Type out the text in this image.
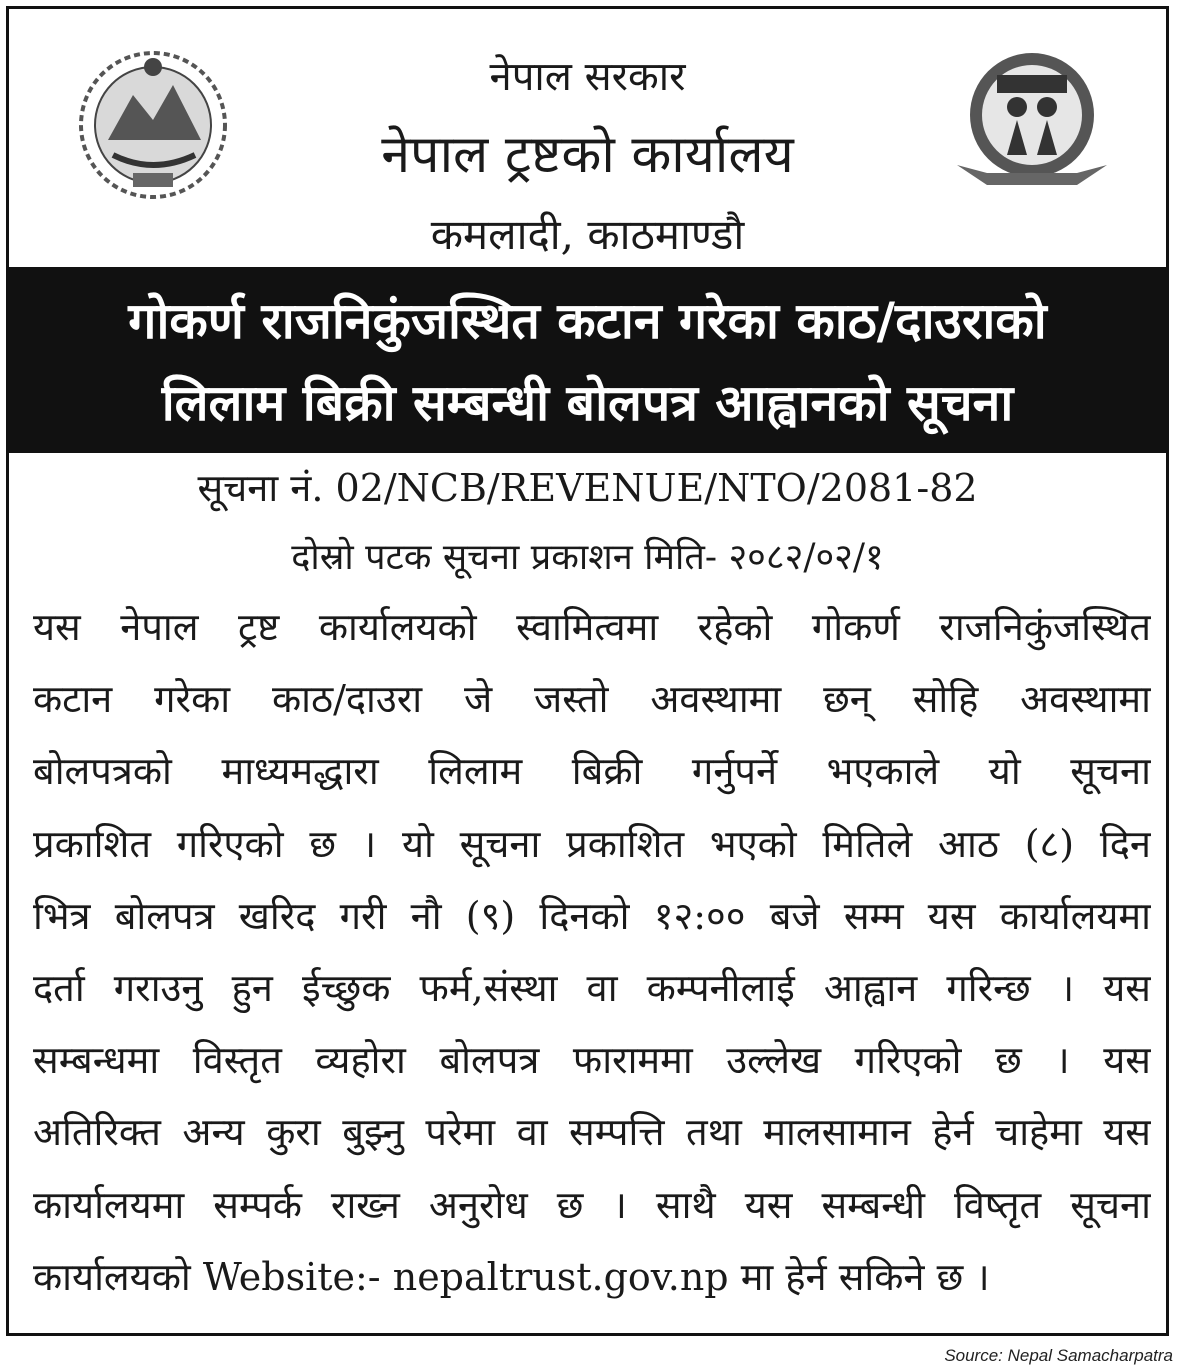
नेपाल सरकार
नेपाल ट्रष्टको कार्यालय
कमलादी, काठमाण्डौ
गोकर्ण राजनिकुंजस्थित कटान गरेका काठ/दाउराको
लिलाम बिक्री सम्बन्धी बोलपत्र आह्वानको सूचना
सूचना नं. 02/NCB/REVENUE/NTO/2081-82
दोस्रो पटक सूचना प्रकाशन मिति- २०८२/०२/१
यस नेपाल ट्रष्ट कार्यालयको स्वामित्वमा रहेको गोकर्ण राजनिकुंजस्थित
कटान गरेका काठ/दाउरा जे जस्तो अवस्थामा छन् सोहि अवस्थामा
बोलपत्रको माध्यमद्धारा लिलाम बिक्री गर्नुपर्ने भएकाले यो सूचना
प्रकाशित गरिएको छ । यो सूचना प्रकाशित भएको मितिले आठ (८) दिन
भित्र बोलपत्र खरिद गरी नौ (९) दिनको १२:०० बजे सम्म यस कार्यालयमा
दर्ता गराउनु हुन ईच्छुक फर्म,संस्था वा कम्पनीलाई आह्वान गरिन्छ । यस
सम्बन्धमा विस्तृत व्यहोरा बोलपत्र फाराममा उल्लेख गरिएको छ । यस
अतिरिक्त अन्य कुरा बुझ्नु परेमा वा सम्पत्ति तथा मालसामान हेर्न चाहेमा यस
कार्यालयमा सम्पर्क राख्न अनुरोध छ । साथै यस सम्बन्धी विष्तृत सूचना
कार्यालयको Website:- nepaltrust.gov.np मा हेर्न सकिने छ ।
Source: Nepal Samacharpatra
